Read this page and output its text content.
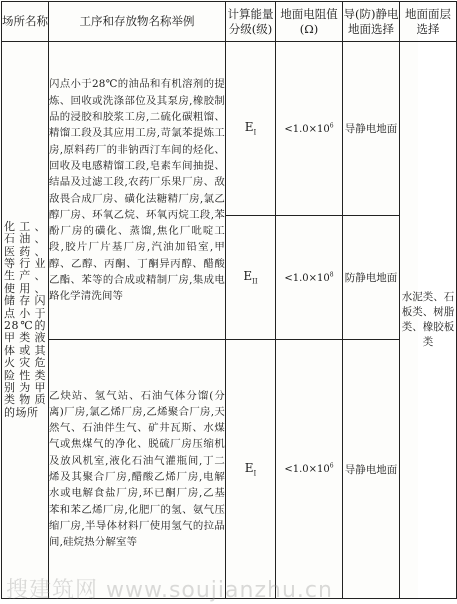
场所名称	工序和存放物名称举例	计算能量分级(级)	地面电阻值(Ω)	导(防)静电地面选择	地面面层选择

化工、石油、医药、等行业生产、使用、储存闪点小于28℃的甲类液体或其火灾危险性类别为甲类物质的场所	闪点小于28℃的油品和有机溶剂的提炼、回收或洗涤部位及其泵房,橡胶制品的浸胶和胶浆工房,二硫化碳粗馏、精馏工段及其应用工房,苛氯苯提炼工房,原料药厂的非钠西汀车间的烃化、回收及电感精馏工段,皂素车间抽提、结晶及过滤工段,农药厂乐果厂房、敌敌畏合成厂房、磺化法糖精厂房,氯乙醇厂房、环氧乙烷、环氧丙烷工段,苯酚厂房的磺化、蒸馏,焦化厂吡啶工段,胶片厂片基厂房,汽油加铅室,甲醇、乙醇、丙酮、丁酮异丙醇、醋酸乙酯、苯等的合成或精制厂房,集成电路化学清洗间等	$E_I$	$<1.0\times 10^6$	导静电地面	水泥类、石板类、树脂类、橡胶板类

		$E_{II}$	$<1.0\times 10^8$	防静电地面	

	乙炔站、氢气站、石油气体分馏(分离)厂房,氯乙烯厂房,乙烯聚合厂房,天然气、石油伴生气、矿井瓦斯、水煤气或焦煤气的净化、脱硫厂房压缩机及放风机室,液化石油气灌瓶间,丁二烯及其聚合厂房,醋酸乙烯厂房,电解水或电解食盐厂房,环已酮厂房,乙基苯和苯乙烯厂房,化肥厂的氢、氨气压缩厂房,半导体材料厂使用氢气的拉晶间,硅烷热分解室等	$E_I$	$<1.0\times 10^6$	导静电地面	
搜建筑网 www.soujianzhu.cn
